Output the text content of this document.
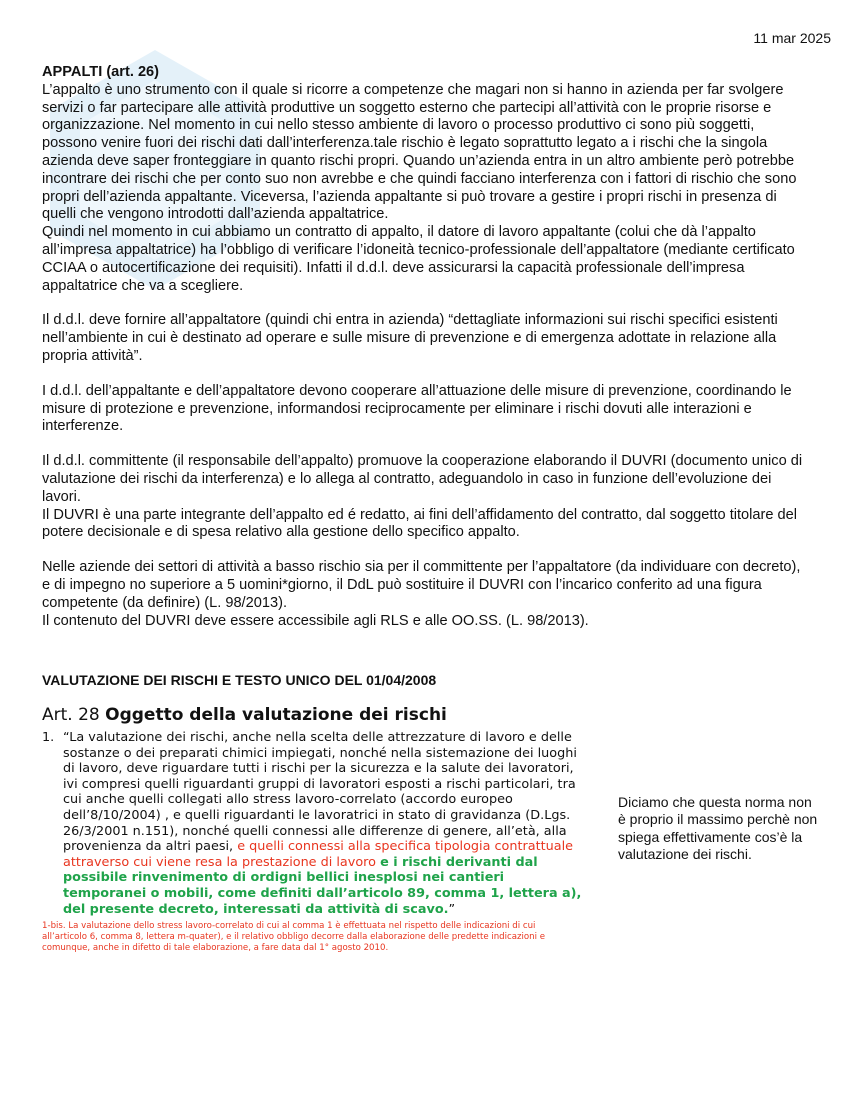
11 mar 2025
APPALTI (art. 26)

L’appalto è uno strumento con il quale si ricorre a competenze che magari non si hanno in azienda per far svolgere servizi o far partecipare alle attività produttive un soggetto esterno che partecipi all’attività con le proprie risorse e organizzazione. Nel momento in cui nello stesso ambiente di lavoro o processo produttivo ci sono più soggetti, possono venire fuori dei rischi dati dall’interferenza.tale rischio è legato soprattutto legato a i rischi che la singola azienda deve saper fronteggiare in quanto rischi propri. Quando un’azienda entra in un altro ambiente però potrebbe incontrare dei rischi che per conto suo non avrebbe e che quindi facciano interferenza con i fattori di rischio che sono propri dell’azienda appaltante. Viceversa, l’azienda appaltante si può trovare a gestire i propri rischi in presenza di quelli che vengono introdotti dall’azienda appaltatrice.

Quindi nel momento in cui abbiamo un contratto di appalto, il datore di lavoro appaltante (colui che dà l’appalto all’impresa appaltatrice) ha l’obbligo di verificare l’idoneità tecnico-professionale dell’appaltatore (mediante certificato CCIAA o autocertificazione dei requisiti). Infatti il d.d.l. deve assicurarsi la capacità professionale dell’impresa appaltatrice che va a scegliere.

Il d.d.l. deve fornire all’appaltatore (quindi chi entra in azienda) “dettagliate informazioni sui rischi specifici esistenti nell’ambiente in cui è destinato ad operare e sulle misure di prevenzione e di emergenza adottate in relazione alla propria attività”.

I d.d.l. dell’appaltante e dell’appaltatore devono cooperare all’attuazione delle misure di prevenzione, coordinando le misure di protezione e prevenzione, informandosi reciprocamente per eliminare i rischi dovuti alle interazioni e interferenze.

Il d.d.l. committente (il responsabile dell’appalto) promuove la cooperazione elaborando il DUVRI (documento unico di valutazione dei rischi da interferenza) e lo allega al contratto, adeguandolo in caso in funzione dell’evoluzione dei lavori.

Il DUVRI è una parte integrante dell’appalto ed é redatto, ai fini dell’affidamento del contratto, dal soggetto titolare del potere decisionale e di spesa relativo alla gestione dello specifico appalto.

Nelle aziende dei settori di attività a basso rischio sia per il committente per l’appaltatore (da individuare con decreto), e di impegno no superiore a 5 uomini*giorno, il DdL può sostituire il DUVRI con l’incarico conferito ad una figura competente (da definire) (L. 98/2013).

Il contenuto del DUVRI deve essere accessibile agli RLS e alle OO.SS. (L. 98/2013).

VALUTAZIONE DEI RISCHI E TESTO UNICO DEL 01/04/2008
Art. 28 Oggetto della valutazione dei rischi
1. “La valutazione dei rischi, anche nella scelta delle attrezzature di lavoro e delle sostanze o dei preparati chimici impiegati, nonché nella sistemazione dei luoghi di lavoro, deve riguardare tutti i rischi per la sicurezza e la salute dei lavoratori, ivi compresi quelli riguardanti gruppi di lavoratori esposti a rischi particolari, tra cui anche quelli collegati allo stress lavoro-correlato (accordo europeo dell’8/10/2004) , e quelli riguardanti le lavoratrici in stato di gravidanza (D.Lgs. 26/3/2001 n.151), nonché quelli connessi alle differenze di genere, all’età, alla provenienza da altri paesi, e quelli connessi alla specifica tipologia contrattuale attraverso cui viene resa la prestazione di lavoro e i rischi derivanti dal possibile rinvenimento di ordigni bellici inesplosi nei cantieri temporanei o mobili, come definiti dall’articolo 89, comma 1, lettera a), del presente decreto, interessati da attività di scavo.”
1-bis. La valutazione dello stress lavoro-correlato di cui al comma 1 è effettuata nel rispetto delle indicazioni di cui all’articolo 6, comma 8, lettera m-quater), e il relativo obbligo decorre dalla elaborazione delle predette indicazioni e comunque, anche in difetto di tale elaborazione, a fare data dal 1° agosto 2010.
Diciamo che questa norma non è proprio il massimo perchè non spiega effettivamente cos’è la valutazione dei rischi.
